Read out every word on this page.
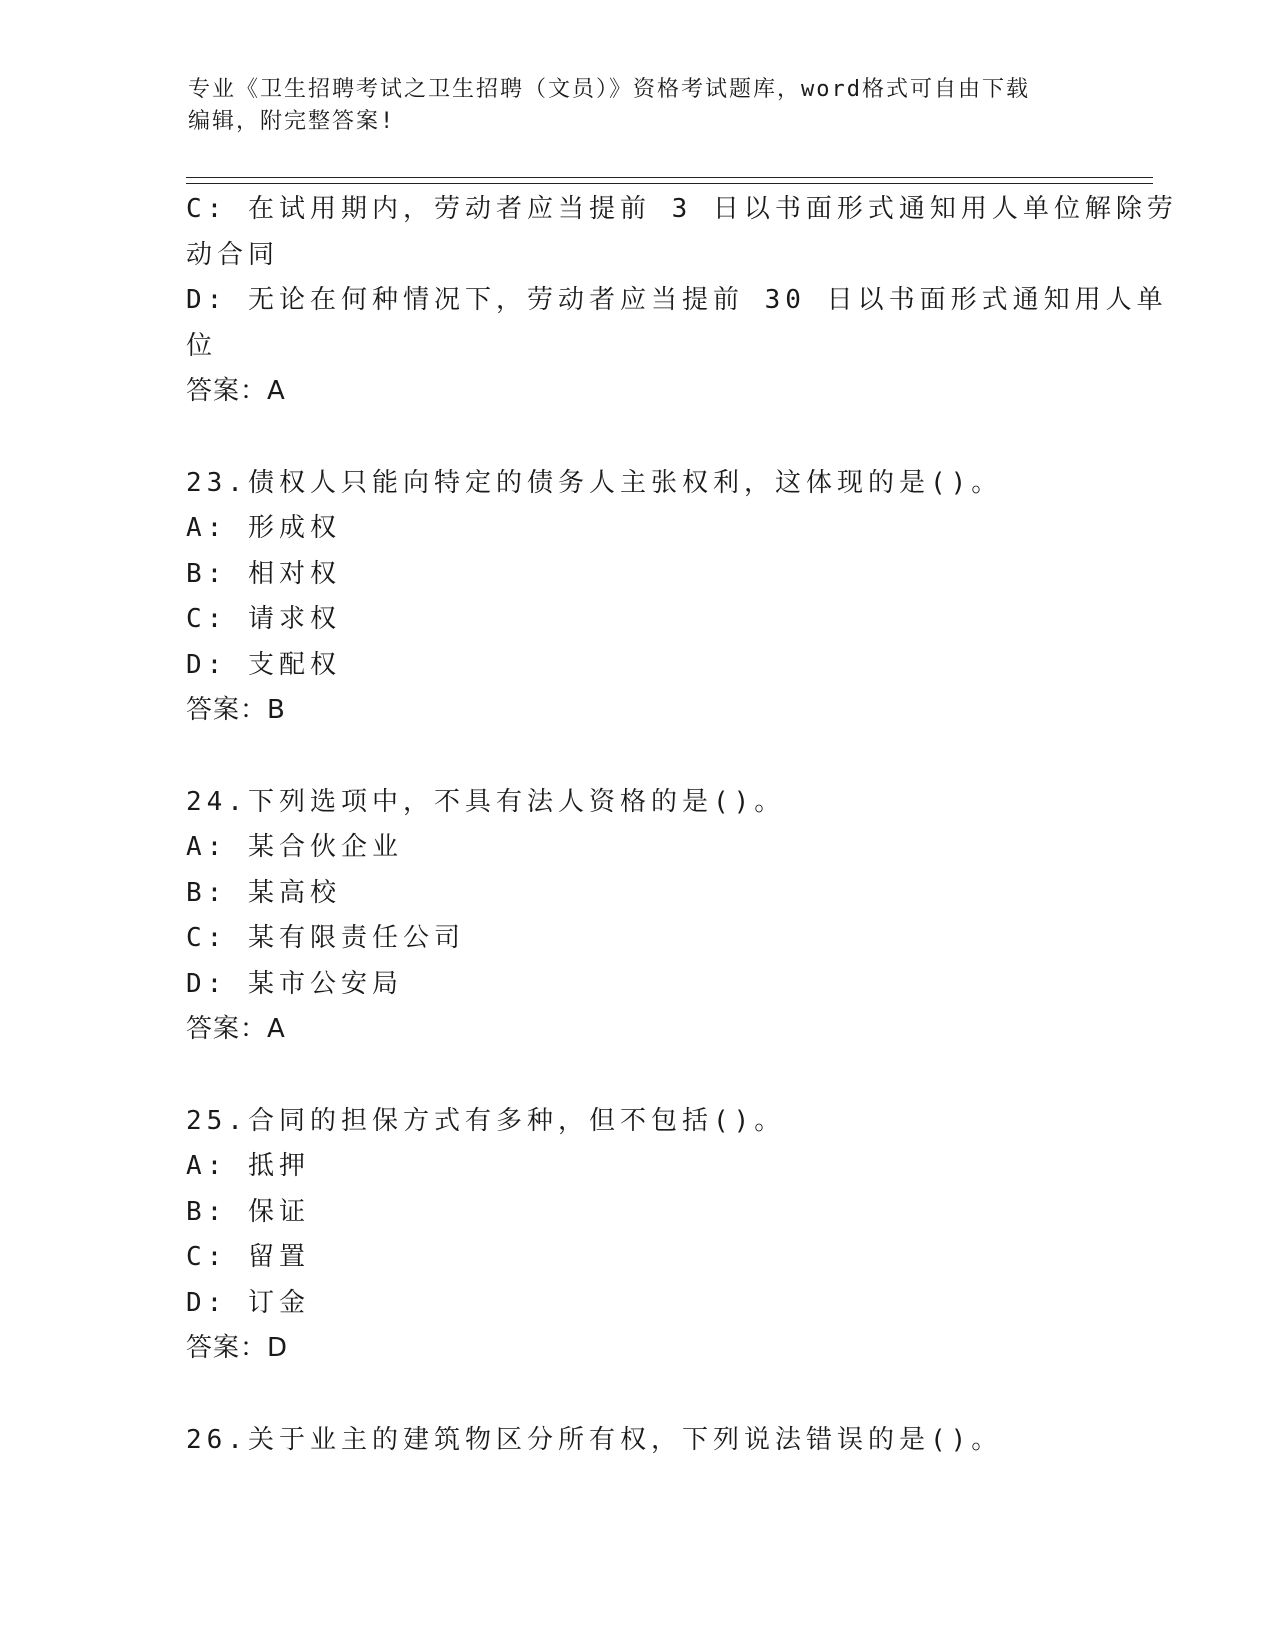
专业《卫生招聘考试之卫生招聘（文员）》资格考试题库，word格式可自由下载
编辑，附完整答案!
C: 在试用期内，劳动者应当提前 3 日以书面形式通知用人单位解除劳
动合同
D: 无论在何种情况下，劳动者应当提前 30 日以书面形式通知用人单
位
答案：A
23.债权人只能向特定的债务人主张权利，这体现的是()。
A: 形成权
B: 相对权
C: 请求权
D: 支配权
答案：B
24.下列选项中，不具有法人资格的是()。
A: 某合伙企业
B: 某高校
C: 某有限责任公司
D: 某市公安局
答案：A
25.合同的担保方式有多种，但不包括()。
A: 抵押
B: 保证
C: 留置
D: 订金
答案：D
26.关于业主的建筑物区分所有权，下列说法错误的是()。
